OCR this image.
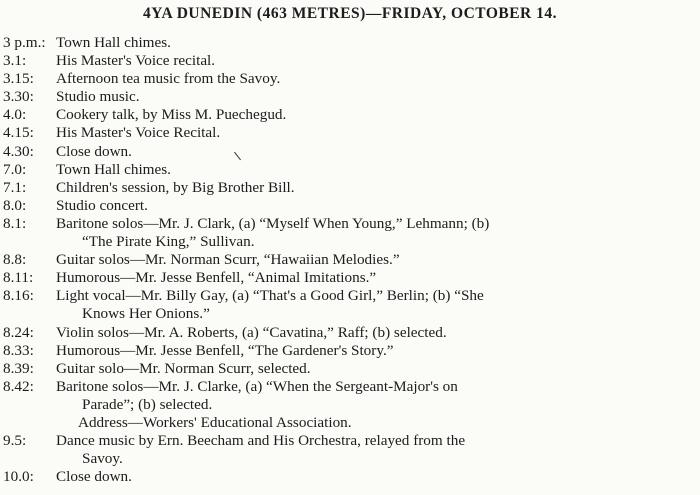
4YA DUNEDIN (463 METRES)—FRIDAY, OCTOBER 14.
3 p.m.: Town Hall chimes.
3.1:	His Master's Voice recital.
3.15:	Afternoon tea music from the Savoy.
3.30:	Studio music.
4.0:	Cookery talk, by Miss M. Puechegud.
4.15:	His Master's Voice Recital.
4.30:	Close down.
7.0:	Town Hall chimes.
7.1:	Children's session, by Big Brother Bill.
8.0:	Studio concert.
8.1:	Baritone solos—Mr. J. Clark, (a) “Myself When Young,” Lehmann; (b)
“The Pirate King,” Sullivan.
8.8:	Guitar solos—Mr. Norman Scurr, “Hawaiian Melodies.”
8.11:	Humorous—Mr. Jesse Benfell, “Animal Imitations.”
8.16:	Light vocal—Mr. Billy Gay, (a) “That's a Good Girl,” Berlin; (b) “She
Knows Her Onions.”
8.24:	Violin solos—Mr. A. Roberts, (a) “Cavatina,” Raff; (b) selected.
8.33:	Humorous—Mr. Jesse Benfell, “The Gardener's Story.”
8.39:	Guitar solo—Mr. Norman Scurr, selected.
8.42:	Baritone solos—Mr. J. Clarke, (a) “When the Sergeant-Major's on
Parade”; (b) selected.
Address—Workers' Educational Association.
9.5:	Dance music by Ern. Beecham and His Orchestra, relayed from the
Savoy.
10.0:	Close down.
